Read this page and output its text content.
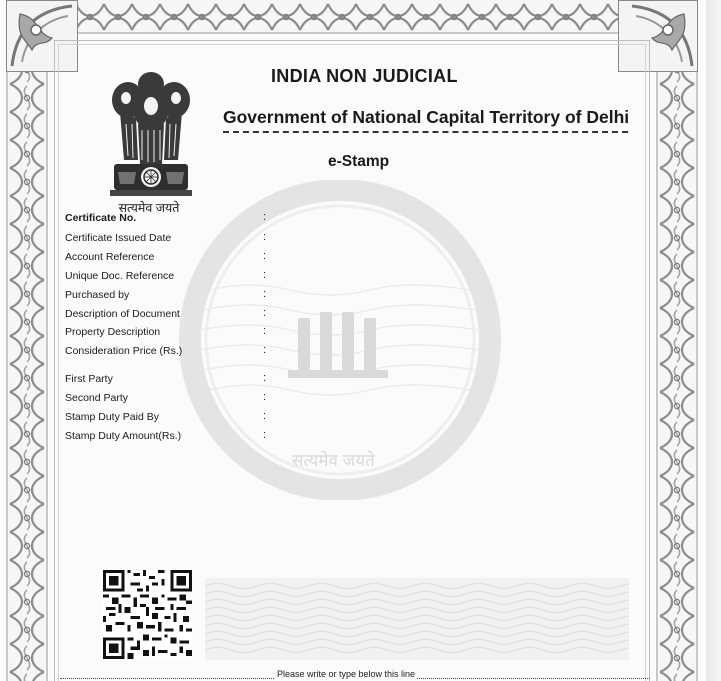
सत्यमेव जयते
INDIA NON JUDICIAL
Government of National Capital Territory of Delhi
e-Stamp
सत्यमेव जयते
Certificate No.
Certificate Issued Date
Account Reference
Unique Doc. Reference
Purchased by
Description of Document
Property Description
Consideration Price (Rs.)
First Party
Second Party
Stamp Duty Paid By
Stamp Duty Amount(Rs.)
:
:
:
:
:
:
:
:
:
:
:
:
Please write or type below this line
